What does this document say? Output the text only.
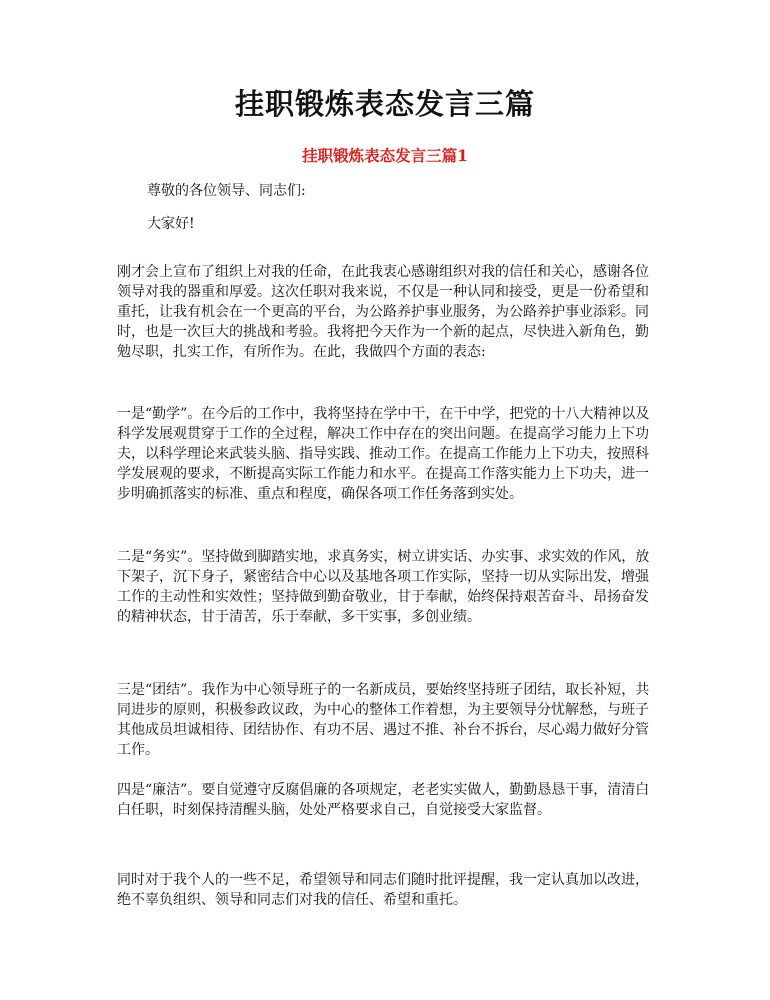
挂职锻炼表态发言三篇
挂职锻炼表态发言三篇1

尊敬的各位领导、同志们:

大家好!

刚才会上宣布了组织上对我的任命，在此我衷心感谢组织对我的信任和关心，感谢各位领导对我的器重和厚爱。这次任职对我来说，不仅是一种认同和接受，更是一份希望和重托，让我有机会在一个更高的平台，为公路养护事业服务，为公路养护事业添彩。同时，也是一次巨大的挑战和考验。我将把今天作为一个新的起点，尽快进入新角色，勤勉尽职，扎实工作，有所作为。在此，我做四个方面的表态:

一是“勤学”。在今后的工作中，我将坚持在学中干，在干中学，把党的十八大精神以及科学发展观贯穿于工作的全过程，解决工作中存在的突出问题。在提高学习能力上下功夫，以科学理论来武装头脑、指导实践、推动工作。在提高工作能力上下功夫，按照科学发展观的要求，不断提高实际工作能力和水平。在提高工作落实能力上下功夫，进一步明确抓落实的标准、重点和程度，确保各项工作任务落到实处。

二是“务实”。坚持做到脚踏实地，求真务实，树立讲实话、办实事、求实效的作风，放下架子，沉下身子，紧密结合中心以及基地各项工作实际，坚持一切从实际出发，增强工作的主动性和实效性；坚持做到勤奋敬业，甘于奉献，始终保持艰苦奋斗、昂扬奋发的精神状态，甘于清苦，乐于奉献，多干实事，多创业绩。

三是“团结”。我作为中心领导班子的一名新成员，要始终坚持班子团结，取长补短，共同进步的原则，积极参政议政，为中心的整体工作着想，为主要领导分忧解愁，与班子其他成员坦诚相待、团结协作、有功不居、遇过不推、补台不拆台，尽心竭力做好分管工作。

四是“廉洁”。要自觉遵守反腐倡廉的各项规定，老老实实做人，勤勤恳恳干事，清清白白任职，时刻保持清醒头脑，处处严格要求自己，自觉接受大家监督。

同时对于我个人的一些不足，希望领导和同志们随时批评提醒，我一定认真加以改进，绝不辜负组织、领导和同志们对我的信任、希望和重托。
